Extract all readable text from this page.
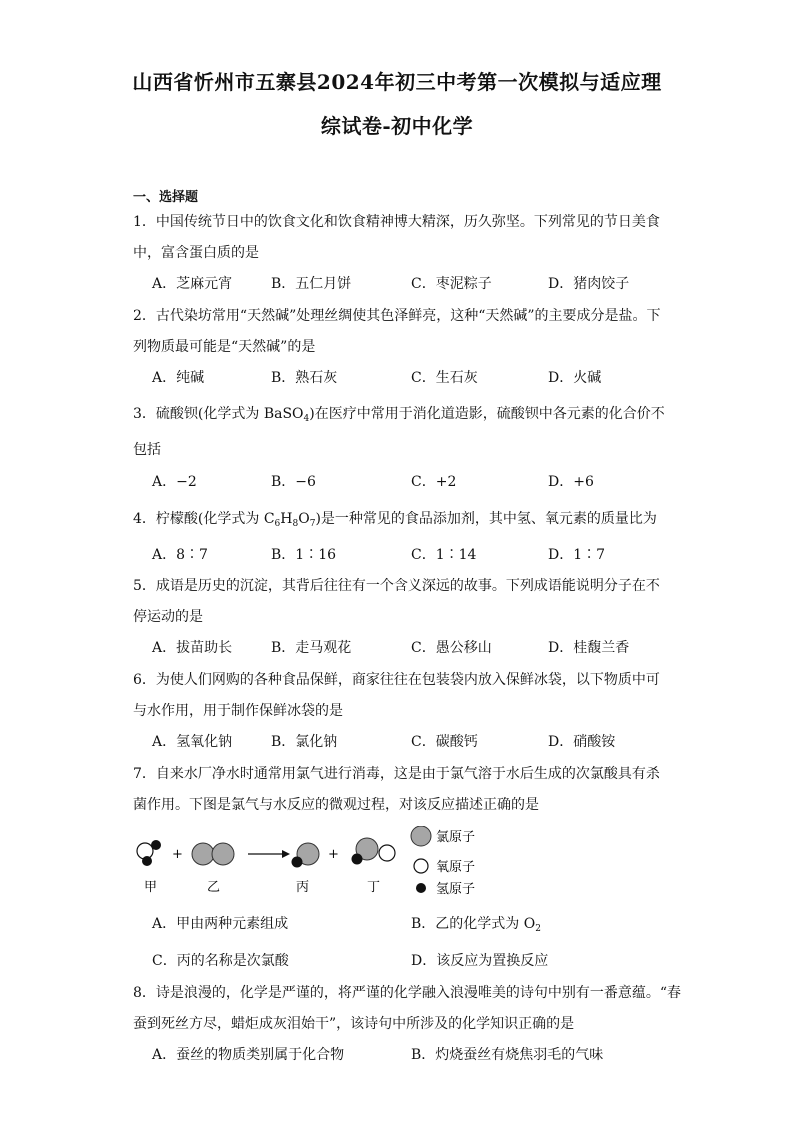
山西省忻州市五寨县2024年初三中考第一次模拟与适应理
综试卷-初中化学
一、选择题
1．中国传统节日中的饮食文化和饮食精神博大精深，历久弥坚。下列常见的节日美食
中，富含蛋白质的是
A．芝麻元宵	B．五仁月饼	C．枣泥粽子	D．猪肉饺子
2．古代染坊常用“天然碱”处理丝绸使其色泽鲜亮，这种“天然碱”的主要成分是盐。下
列物质最可能是“天然碱”的是
A．纯碱	B．熟石灰	C．生石灰	D．火碱
3．硫酸钡(化学式为 BaSO$_4$)在医疗中常用于消化道造影，硫酸钡中各元素的化合价不
包括
A．−2	B．−6	C．+2	D．+6
4．柠檬酸(化学式为 $C_6H_8O_7$)是一种常见的食品添加剂，其中氢、氧元素的质量比为
A．8∶7	B．1∶16	C．1∶14	D．1∶7
5．成语是历史的沉淀，其背后往往有一个含义深远的故事。下列成语能说明分子在不
停运动的是
A．拔苗助长	B．走马观花	C．愚公移山	D．桂馥兰香
6．为使人们网购的各种食品保鲜，商家往往在包装袋内放入保鲜冰袋，以下物质中可
与水作用，用于制作保鲜冰袋的是
A．氢氧化钠	B．氯化钠	C．碳酸钙	D．硝酸铵
7．自来水厂净水时通常用氯气进行消毒，这是由于氯气溶于水后生成的次氯酸具有杀
菌作用。下图是氯气与水反应的微观过程，对该反应描述正确的是
+	+
甲	乙	丙	丁
氯原子
氧原子
氢原子
A．甲由两种元素组成	B．乙的化学式为 $O_2$
C．丙的名称是次氯酸	D．该反应为置换反应
8．诗是浪漫的，化学是严谨的，将严谨的化学融入浪漫唯美的诗句中别有一番意蕴。“春
蚕到死丝方尽，蜡炬成灰泪始干”，该诗句中所涉及的化学知识正确的是
A．蚕丝的物质类别属于化合物	B．灼烧蚕丝有烧焦羽毛的气味
